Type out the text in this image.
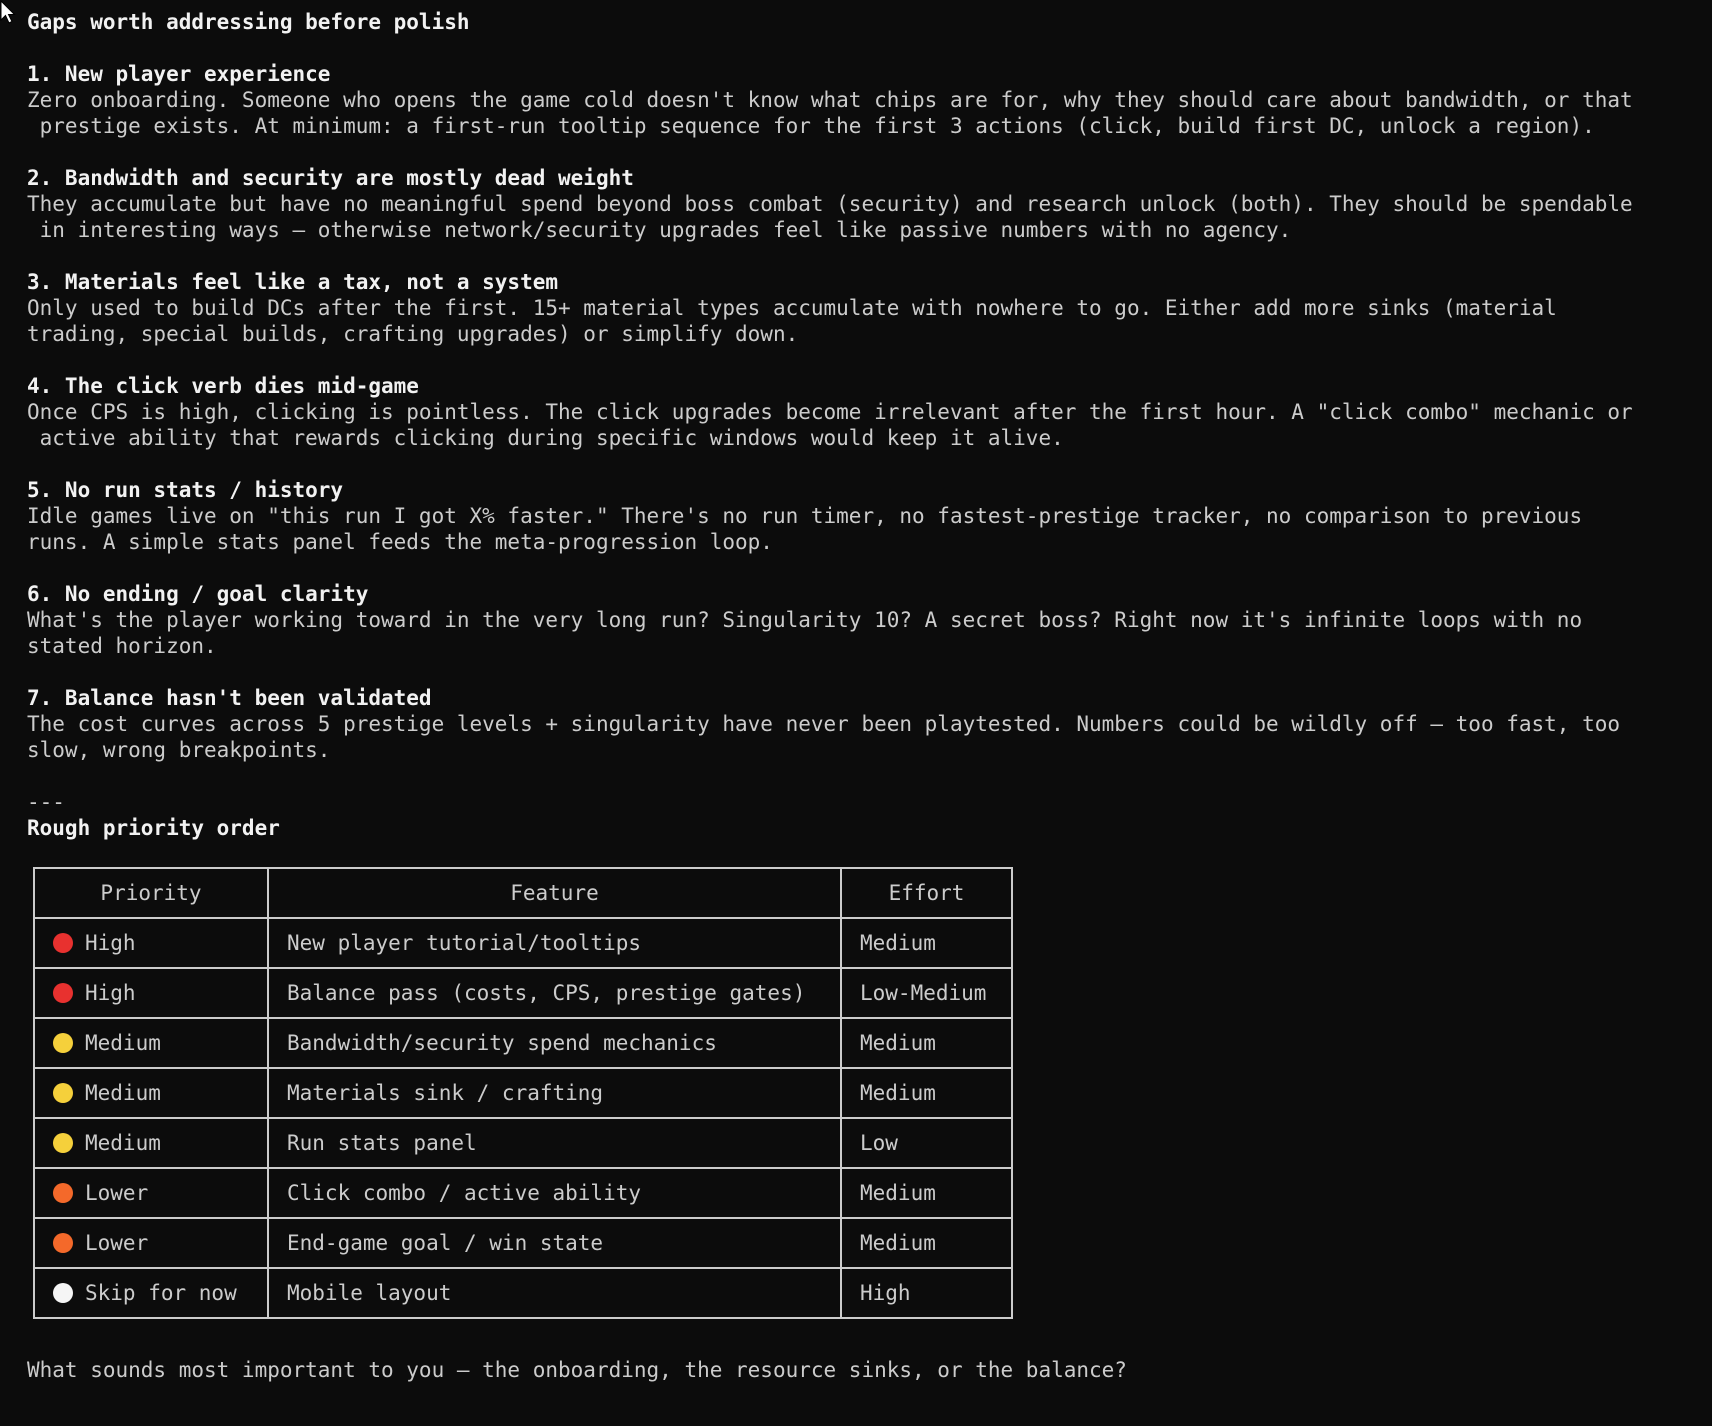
Gaps worth addressing before polish
1. New player experience
Zero onboarding. Someone who opens the game cold doesn't know what chips are for, why they should care about bandwidth, or that
prestige exists. At minimum: a first-run tooltip sequence for the first 3 actions (click, build first DC, unlock a region).
2. Bandwidth and security are mostly dead weight
They accumulate but have no meaningful spend beyond boss combat (security) and research unlock (both). They should be spendable
in interesting ways — otherwise network/security upgrades feel like passive numbers with no agency.
3. Materials feel like a tax, not a system
Only used to build DCs after the first. 15+ material types accumulate with nowhere to go. Either add more sinks (material
trading, special builds, crafting upgrades) or simplify down.
4. The click verb dies mid-game
Once CPS is high, clicking is pointless. The click upgrades become irrelevant after the first hour. A "click combo" mechanic or
active ability that rewards clicking during specific windows would keep it alive.
5. No run stats / history
Idle games live on "this run I got X% faster." There's no run timer, no fastest-prestige tracker, no comparison to previous
runs. A simple stats panel feeds the meta-progression loop.
6. No ending / goal clarity
What's the player working toward in the very long run? Singularity 10? A secret boss? Right now it's infinite loops with no
stated horizon.
7. Balance hasn't been validated
The cost curves across 5 prestige levels + singularity have never been playtested. Numbers could be wildly off — too fast, too
slow, wrong breakpoints.
---
Rough priority order
Priority	Feature	Effort
High	New player tutorial/tooltips	Medium
High	Balance pass (costs, CPS, prestige gates)	Low-Medium
Medium	Bandwidth/security spend mechanics	Medium
Medium	Materials sink / crafting	Medium
Medium	Run stats panel	Low
Lower	Click combo / active ability	Medium
Lower	End-game goal / win state	Medium
Skip for now	Mobile layout	High
What sounds most important to you — the onboarding, the resource sinks, or the balance?
